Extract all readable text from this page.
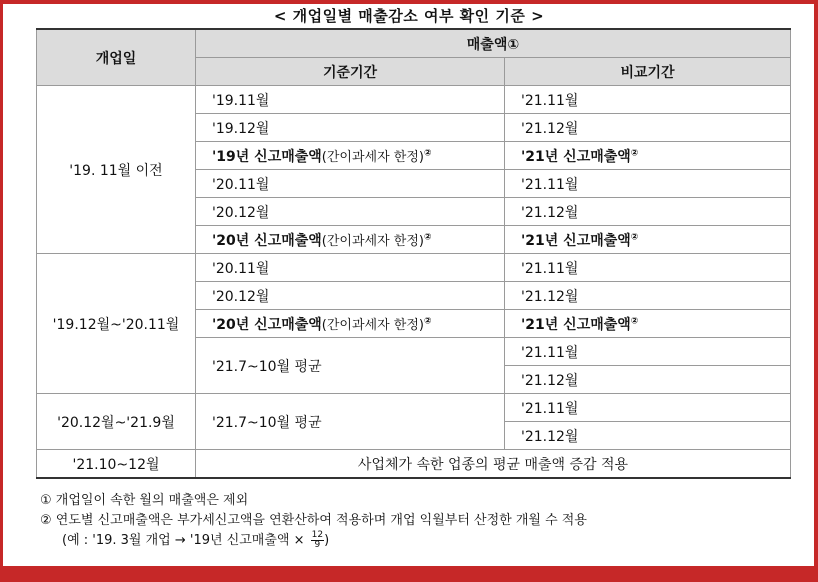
< 개업일별 매출감소 여부 확인 기준 >
개업일	매출액①	
	기준기간	비교기간
'19. 11월 이전	'19.11월	'21.11월
	'19.12월	'21.12월
	'19년 신고매출액(간이과세자 한정)②	'21년 신고매출액②
	'20.11월	'21.11월
	'20.12월	'21.12월
	'20년 신고매출액(간이과세자 한정)②	'21년 신고매출액②
'19.12월~'20.11월	'20.11월	'21.11월
	'20.12월	'21.12월
	'20년 신고매출액(간이과세자 한정)②	'21년 신고매출액②
	'21.7~10월 평균	'21.11월
		'21.12월
'20.12월~'21.9월	'21.7~10월 평균	'21.11월
		'21.12월
'21.10~12월	사업체가 속한 업종의 평균 매출액 증감 적용	
① 개업일이 속한 월의 매출액은 제외
② 연도별 신고매출액은 부가세신고액을 연환산하여 적용하며 개업 익월부터 산정한 개월 수 적용
(예 : '19. 3월 개업 → '19년 신고매출액 × $\frac{12}{9}$ )
